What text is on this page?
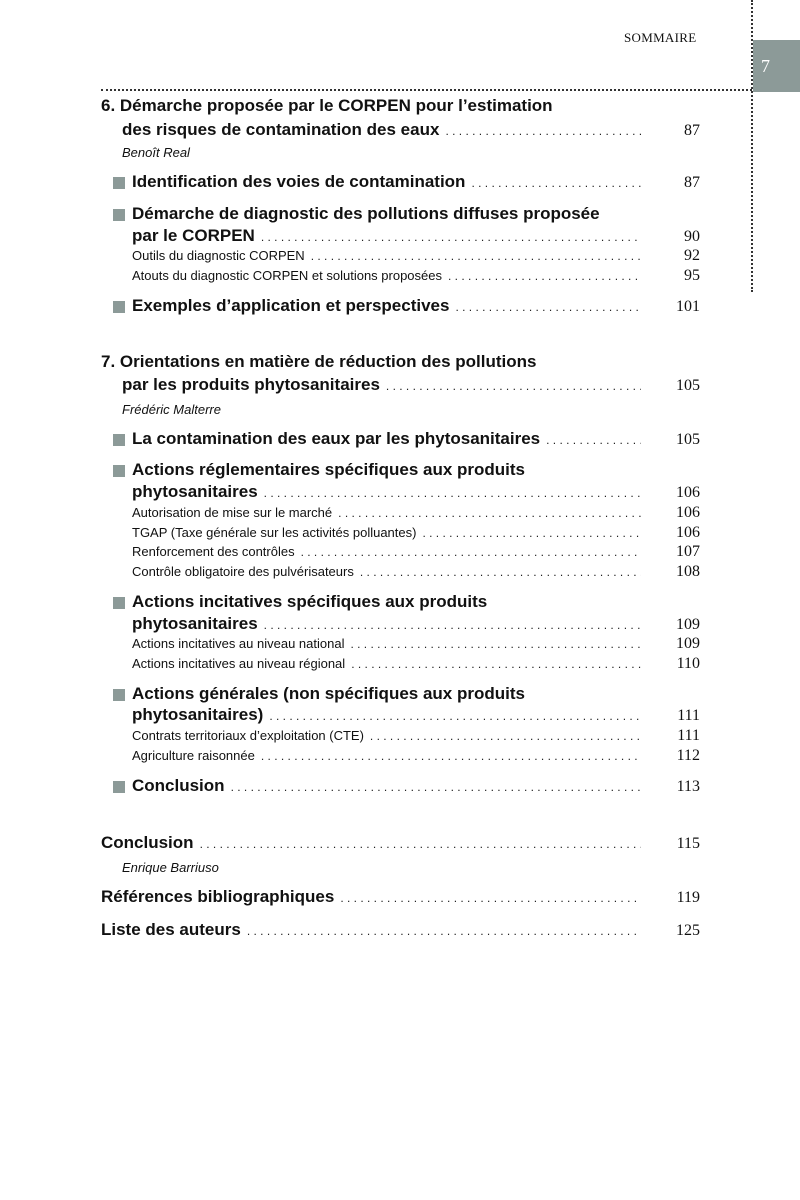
SOMMAIRE
7
6. Démarche proposée par le CORPEN pour l’estimation
des risques de contamination des eaux . . .	87
Benoît Real
Identification des voies de contamination . . .	87
Démarche de diagnostic des pollutions diffuses proposée
par le CORPEN . . .	90
Outils du diagnostic CORPEN . . .	92
Atouts du diagnostic CORPEN et solutions proposées . . .	95
Exemples d’application et perspectives . . .	101
7. Orientations en matière de réduction des pollutions
par les produits phytosanitaires . . .	105
Frédéric Malterre
La contamination des eaux par les phytosanitaires . . .	105
Actions réglementaires spécifiques aux produits
phytosanitaires . . .	106
Autorisation de mise sur le marché . . .	106
TGAP (Taxe générale sur les activités polluantes) . . .	106
Renforcement des contrôles . . .	107
Contrôle obligatoire des pulvérisateurs . . .	108
Actions incitatives spécifiques aux produits
phytosanitaires . . .	109
Actions incitatives au niveau national . . .	109
Actions incitatives au niveau régional . . .	110
Actions générales (non spécifiques aux produits
phytosanitaires) . . .	111
Contrats territoriaux d’exploitation (CTE) . . .	111
Agriculture raisonnée . . .	112
Conclusion . . .	113
Conclusion . . .	115
Enrique Barriuso
Références bibliographiques . . .	119
Liste des auteurs . . .	125
